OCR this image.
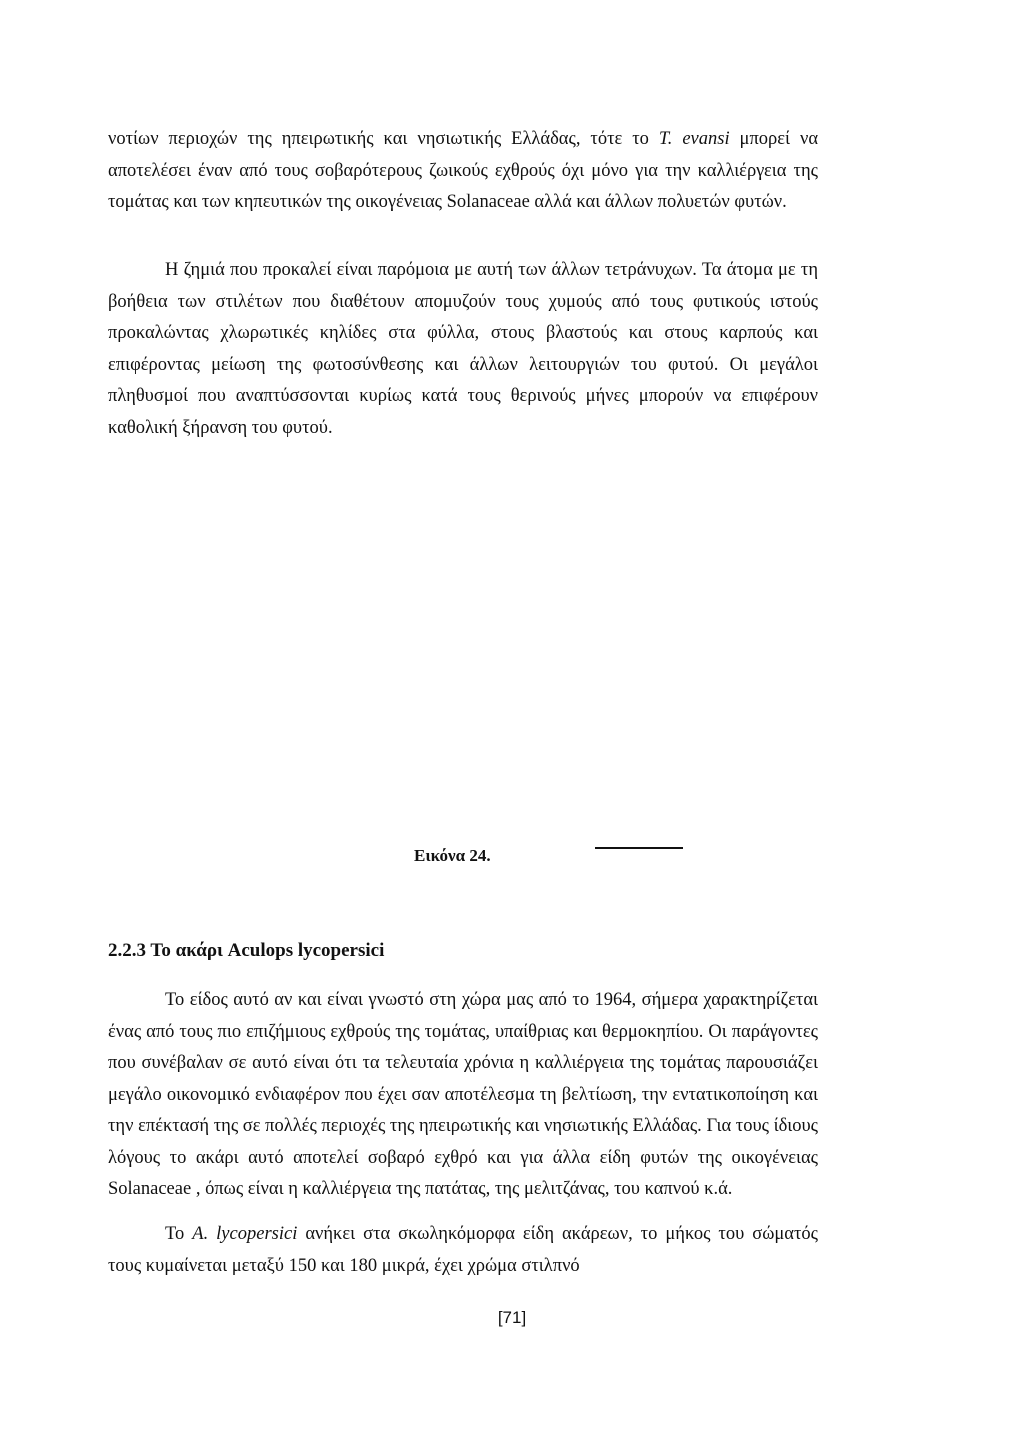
νοτίων περιοχών της ηπειρωτικής και νησιωτικής Ελλάδας, τότε το T. evansi μπορεί να αποτελέσει έναν από τους σοβαρότερους ζωικούς εχθρούς όχι μόνο για την καλλιέργεια της τομάτας και των κηπευτικών της οικογένειας Solanaceae αλλά και άλλων πολυετών φυτών.

Η ζημιά που προκαλεί είναι παρόμοια με αυτή των άλλων τετράνυχων. Τα άτομα με τη βοήθεια των στιλέτων που διαθέτουν απομυζούν τους χυμούς από τους φυτικούς ιστούς προκαλώντας χλωρωτικές κηλίδες στα φύλλα, στους βλαστούς και στους καρπούς και επιφέροντας μείωση της φωτοσύνθεσης και άλλων λειτουργιών του φυτού. Οι μεγάλοι πληθυσμοί που αναπτύσσονται κυρίως κατά τους θερινούς μήνες μπορούν να επιφέρουν καθολική ξήρανση του φυτού.

Εικόνα 24.

2.2.3 Το ακάρι Aculops lycopersici

Το είδος αυτό αν και είναι γνωστό στη χώρα μας από το 1964, σήμερα χαρακτηρίζεται ένας από τους πιο επιζήμιους εχθρούς της τομάτας, υπαίθριας και θερμοκηπίου. Οι παράγοντες που συνέβαλαν σε αυτό είναι ότι τα τελευταία χρόνια η καλλιέργεια της τομάτας παρουσιάζει μεγάλο οικονομικό ενδιαφέρον που έχει σαν αποτέλεσμα τη βελτίωση, την εντατικοποίηση και την επέκτασή της σε πολλές περιοχές της ηπειρωτικής και νησιωτικής Ελλάδας. Για τους ίδιους λόγους το ακάρι αυτό αποτελεί σοβαρό εχθρό και για άλλα είδη φυτών της οικογένειας Solanaceae , όπως είναι η καλλιέργεια της πατάτας, της μελιτζάνας, του καπνού κ.ά.

Το A. lycopersici ανήκει στα σκωληκόμορφα είδη ακάρεων, το μήκος του σώματός τους κυμαίνεται μεταξύ 150 και 180 μικρά, έχει χρώμα στιλπνό

[71]
